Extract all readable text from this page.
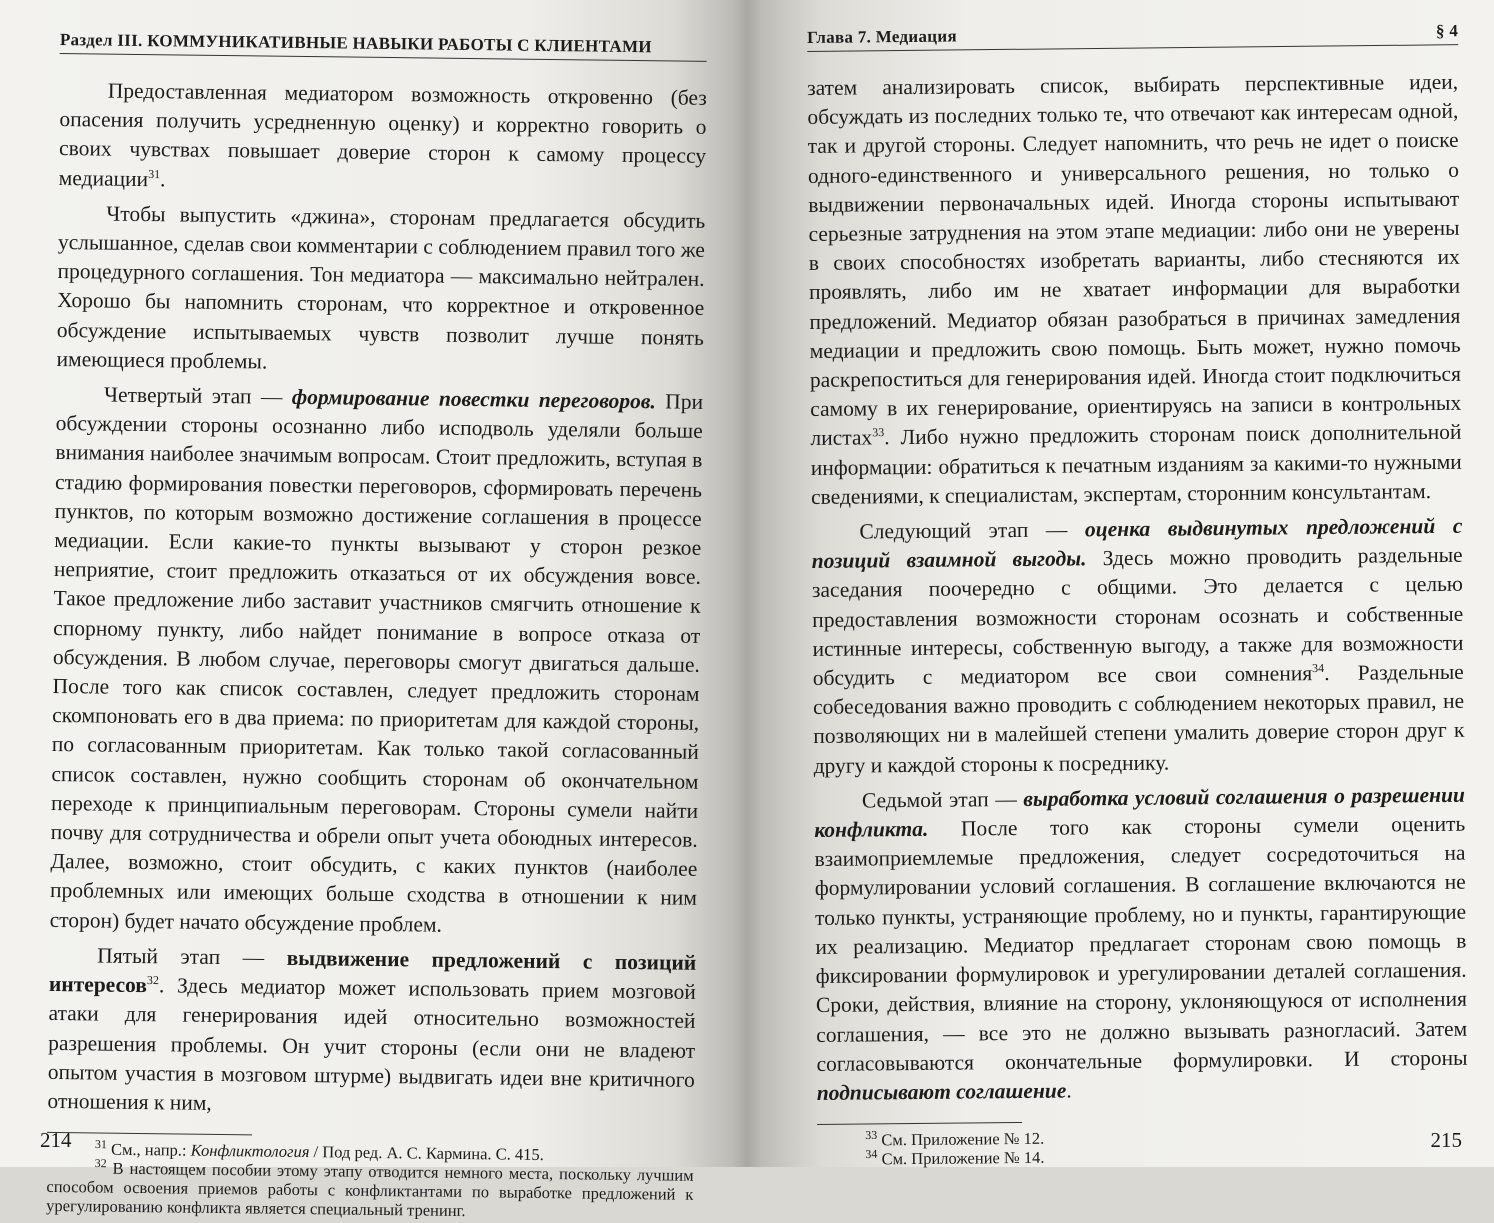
Раздел III. КОММУНИКАТИВНЫЕ НАВЫКИ РАБОТЫ С КЛИЕНТАМИ

Предоставленная медиатором возможность откровенно (без опасения получить усредненную оценку) и корректно говорить о своих чувствах повышает доверие сторон к самому процессу медиации$^{31}$.

Чтобы выпустить «джина», сторонам предлагается обсудить услышанное, сделав свои комментарии с соблюдением правил того же процедурного соглашения. Тон медиатора — максимально нейтрален. Хорошо бы напомнить сторонам, что корректное и откровенное обсуждение испытываемых чувств позволит лучше понять имеющиеся проблемы.

Четвертый этап — формирование повестки переговоров. При обсуждении стороны осознанно либо исподволь уделяли больше внимания наиболее значимым вопросам. Стоит предложить, вступая в стадию формирования повестки переговоров, сформировать перечень пунктов, по которым возможно достижение соглашения в процессе медиации. Если какие-то пункты вызывают у сторон резкое неприятие, стоит предложить отказаться от их обсуждения вовсе. Такое предложение либо заставит участников смягчить отношение к спорному пункту, либо найдет понимание в вопросе отказа от обсуждения. В любом случае, переговоры смогут двигаться дальше. После того как список составлен, следует предложить сторонам скомпоновать его в два приема: по приоритетам для каждой стороны, по согласованным приоритетам. Как только такой согласованный список составлен, нужно сообщить сторонам об окончательном переходе к принципиальным переговорам. Стороны сумели найти почву для сотрудничества и обрели опыт учета обоюдных интересов. Далее, возможно, стоит обсудить, с каких пунктов (наиболее проблемных или имеющих больше сходства в отношении к ним сторон) будет начато обсуждение проблем.

Пятый этап — выдвижение предложений с позиций интересов$^{32}$. Здесь медиатор может использовать прием мозговой атаки для генерирования идей относительно возможностей разрешения проблемы. Он учит стороны (если они не владеют опытом участия в мозговом штурме) выдвигать идеи вне критичного отношения к ним,

$^{31}$ См., напр.: Конфликтология / Под ред. А. С. Кармина. С. 415.

$^{32}$ В настоящем пособии этому этапу отводится немного места, поскольку лучшим способом освоения приемов работы с конфликтантами по выработке предложений к урегулированию конфликта является специальный тренинг.

214
Глава 7. Медиация	§ 4

затем анализировать список, выбирать перспективные идеи, обсуждать из последних только те, что отвечают как интересам одной, так и другой стороны. Следует напомнить, что речь не идет о поиске одного-единственного и универсального решения, но только о выдвижении первоначальных идей. Иногда стороны испытывают серьезные затруднения на этом этапе медиации: либо они не уверены в своих способностях изобретать варианты, либо стесняются их проявлять, либо им не хватает информации для выработки предложений. Медиатор обязан разобраться в причинах замедления медиации и предложить свою помощь. Быть может, нужно помочь раскрепоститься для генерирования идей. Иногда стоит подключиться самому в их генерирование, ориентируясь на записи в контрольных листах$^{33}$. Либо нужно предложить сторонам поиск дополнительной информации: обратиться к печатным изданиям за какими-то нужными сведениями, к специалистам, экспертам, сторонним консультантам.

Следующий этап — оценка выдвинутых предложений с позиций взаимной выгоды. Здесь можно проводить раздельные заседания поочередно с общими. Это делается с целью предоставления возможности сторонам осознать и собственные истинные интересы, собственную выгоду, а также для возможности обсудить с медиатором все свои сомнения$^{34}$. Раздельные собеседования важно проводить с соблюдением некоторых правил, не позволяющих ни в малейшей степени умалить доверие сторон друг к другу и каждой стороны к посреднику.

Седьмой этап — выработка условий соглашения о разрешении конфликта. После того как стороны сумели оценить взаимоприемлемые предложения, следует сосредоточиться на формулировании условий соглашения. В соглашение включаются не только пункты, устраняющие проблему, но и пункты, гарантирующие их реализацию. Медиатор предлагает сторонам свою помощь в фиксировании формулировок и урегулировании деталей соглашения. Сроки, действия, влияние на сторону, уклоняющуюся от исполнения соглашения, — все это не должно вызывать разногласий. Затем согласовываются окончательные формулировки. И стороны подписывают соглашение.

$^{33}$ См. Приложение № 12.

$^{34}$ См. Приложение № 14.

215
